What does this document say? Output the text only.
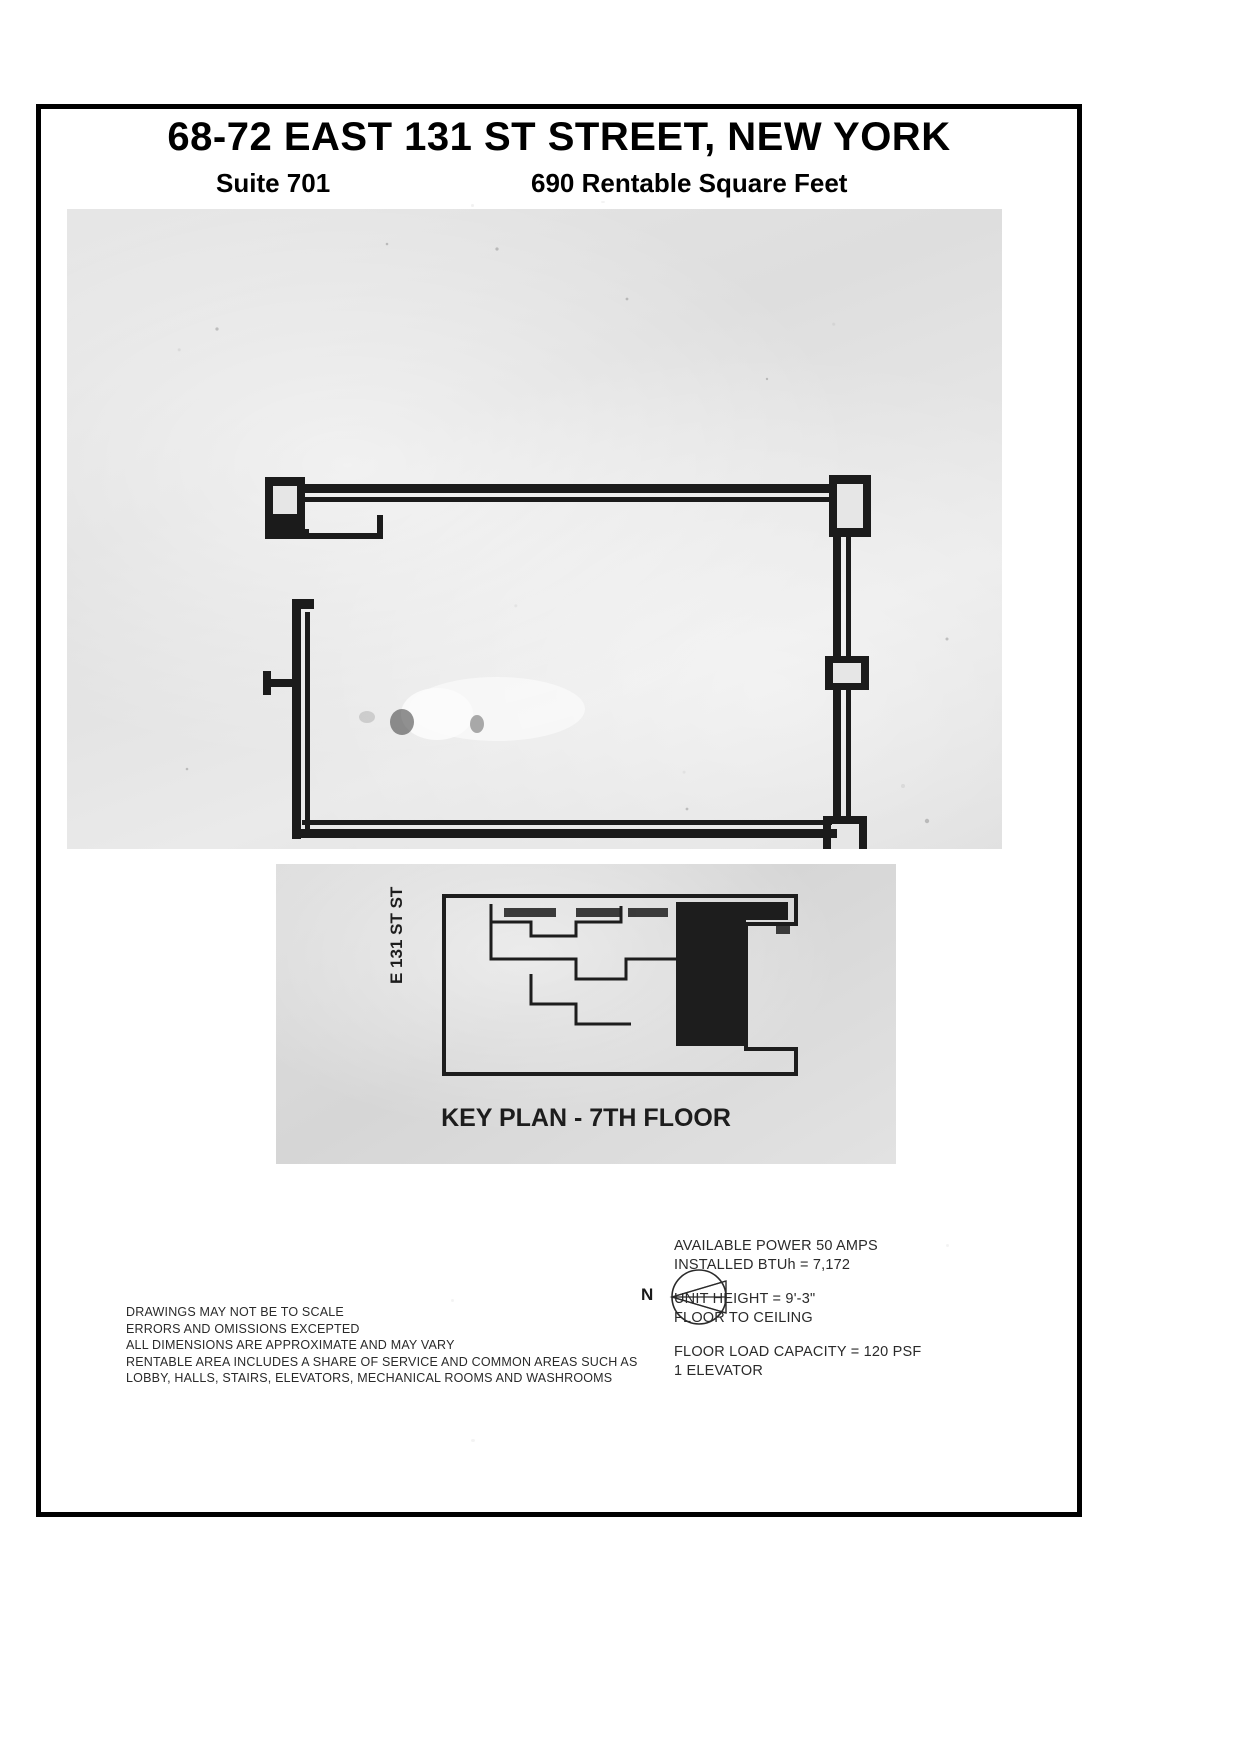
68-72 EAST 131 ST STREET, NEW YORK
Suite 701	690 Rentable Square Feet
E 131 ST ST
KEY PLAN - 7TH FLOOR
N
DRAWINGS MAY NOT BE TO SCALE
ERRORS AND OMISSIONS EXCEPTED
ALL DIMENSIONS ARE APPROXIMATE AND MAY VARY
RENTABLE AREA INCLUDES A SHARE OF SERVICE AND COMMON AREAS SUCH AS
LOBBY, HALLS, STAIRS, ELEVATORS, MECHANICAL ROOMS AND WASHROOMS
AVAILABLE POWER 50 AMPS
INSTALLED BTUh = 7,172
UNIT HEIGHT = 9'-3"
FLOOR TO CEILING
FLOOR LOAD CAPACITY = 120 PSF
1 ELEVATOR
